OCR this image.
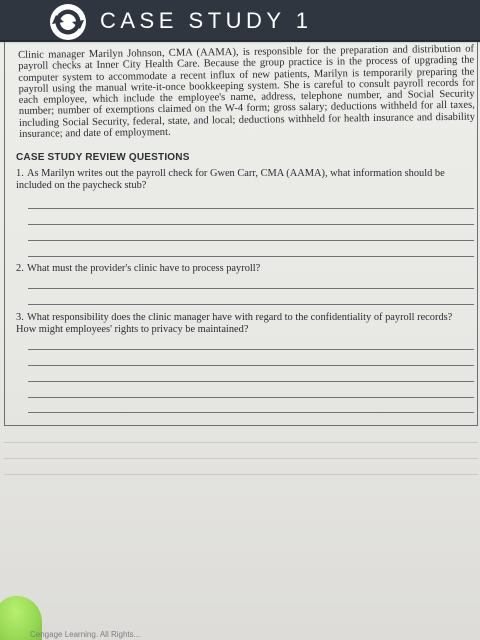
CASE STUDY 1

Clinic manager Marilyn Johnson, CMA (AAMA), is responsible for the preparation and distribution of payroll checks at Inner City Health Care. Because the group practice is in the process of upgrading the computer system to accommodate a recent influx of new patients, Marilyn is temporarily preparing the payroll using the manual write-it-once bookkeeping system. She is careful to consult payroll records for each employee, which include the employee's name, address, telephone number, and Social Security number; number of exemptions claimed on the W-4 form; gross salary; deductions withheld for all taxes, including Social Security, federal, state, and local; deductions withheld for health insurance and disability insurance; and date of employment.

CASE STUDY REVIEW QUESTIONS

1. As Marilyn writes out the payroll check for Gwen Carr, CMA (AAMA), what information should be included on the paycheck stub?

2. What must the provider's clinic have to process payroll?

3. What responsibility does the clinic manager have with regard to the confidentiality of payroll records? How might employees' rights to privacy be maintained?

Cengage Learning. All Rights...
